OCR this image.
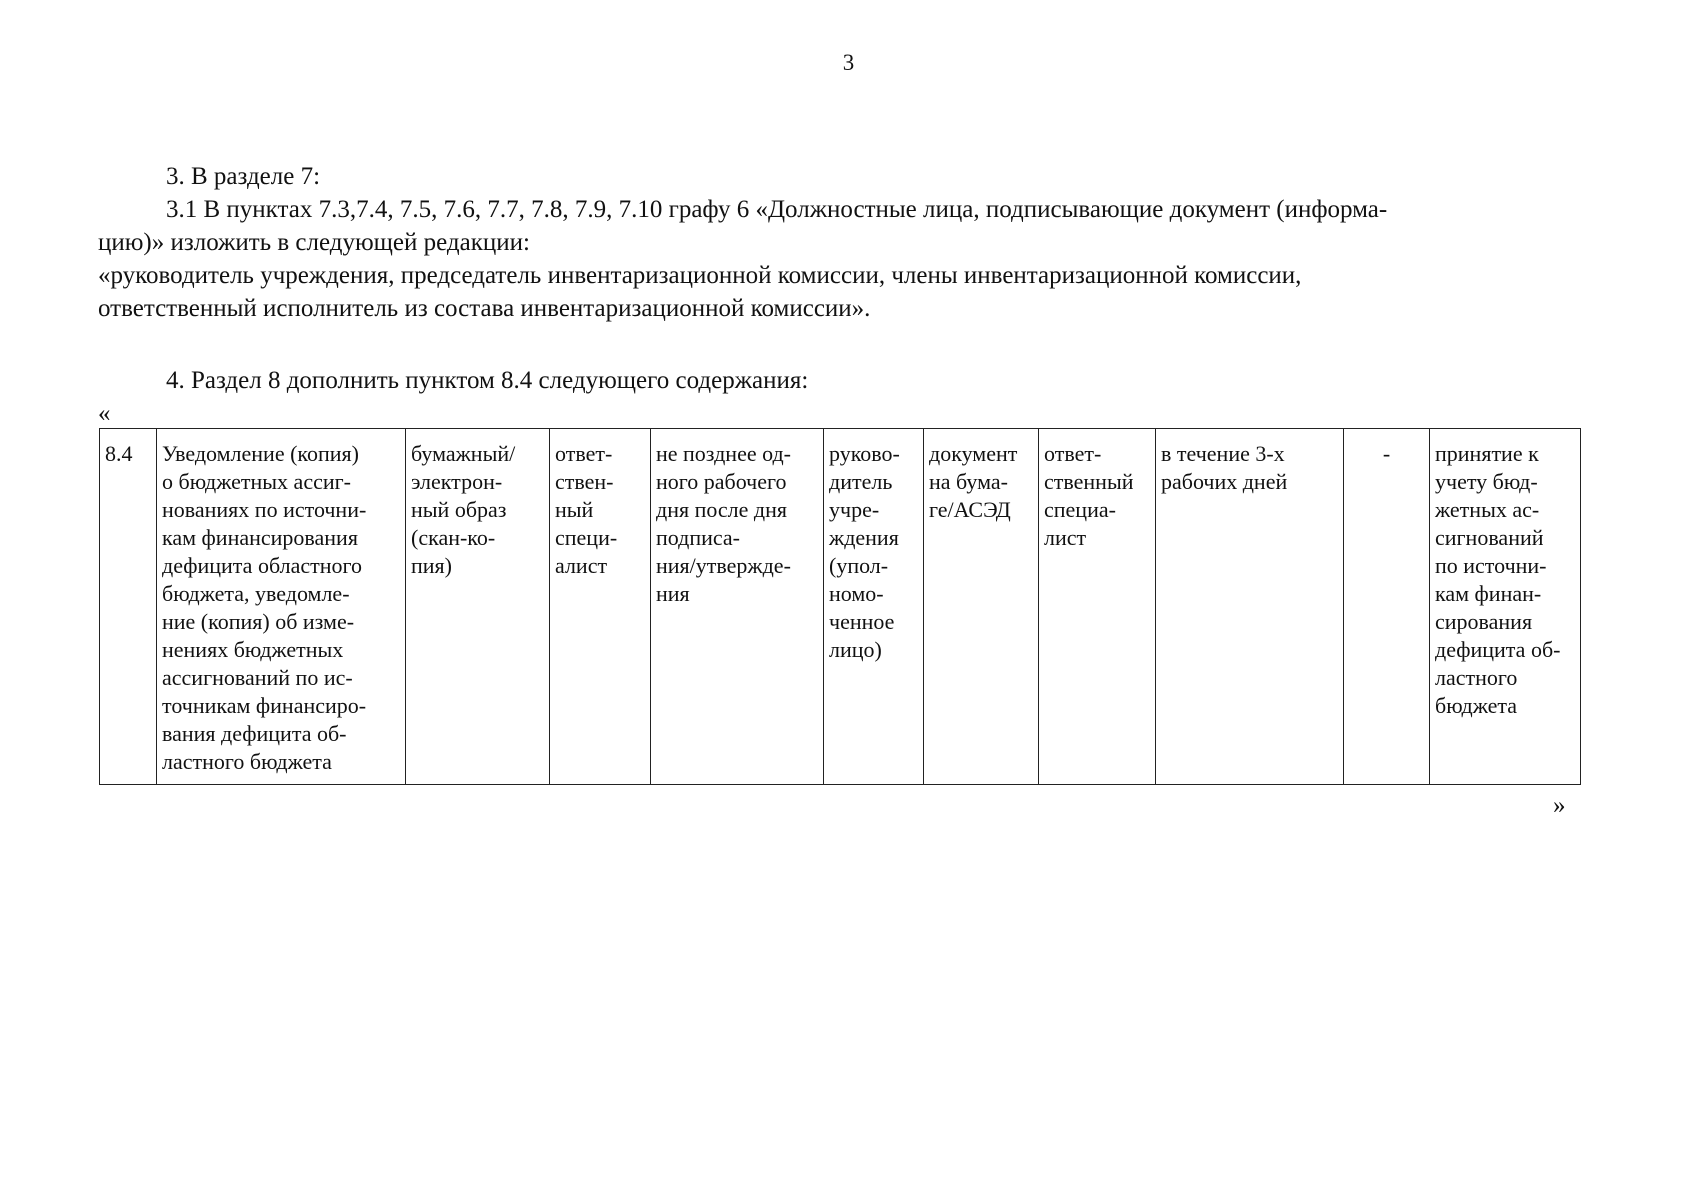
3
3. В разделе 7:
3.1 В пунктах 7.3,7.4, 7.5, 7.6, 7.7, 7.8, 7.9, 7.10 графу 6 «Должностные лица, подписывающие документ (информа-
цию)» изложить в следующей редакции:
«руководитель учреждения, председатель инвентаризационной комиссии, члены инвентаризационной комиссии,
ответственный исполнитель из состава инвентаризационной комиссии».
4. Раздел 8 дополнить пунктом 8.4 следующего содержания:
«
8.4	Уведомление (копия)
о бюджетных ассиг-
нованиях по источни-
кам финансирования
дефицита областного
бюджета, уведомле-
ние (копия) об изме-
нениях бюджетных
ассигнований по ис-
точникам финансиро-
вания дефицита об-
ластного бюджета	бумажный/
электрон-
ный образ
(скан-ко-
пия)	ответ-
ствен-
ный
специ-
алист	не позднее од-
ного рабочего
дня после дня
подписа-
ния/утвержде-
ния	руково-
дитель
учре-
ждения
(упол-
номо-
ченное
лицо)	документ
на бума-
ге/АСЭД	ответ-
ственный
специа-
лист	в течение 3-х
рабочих дней	-	принятие к
учету бюд-
жетных ас-
сигнований
по источни-
кам финан-
сирования
дефицита об-
ластного
бюджета
»
